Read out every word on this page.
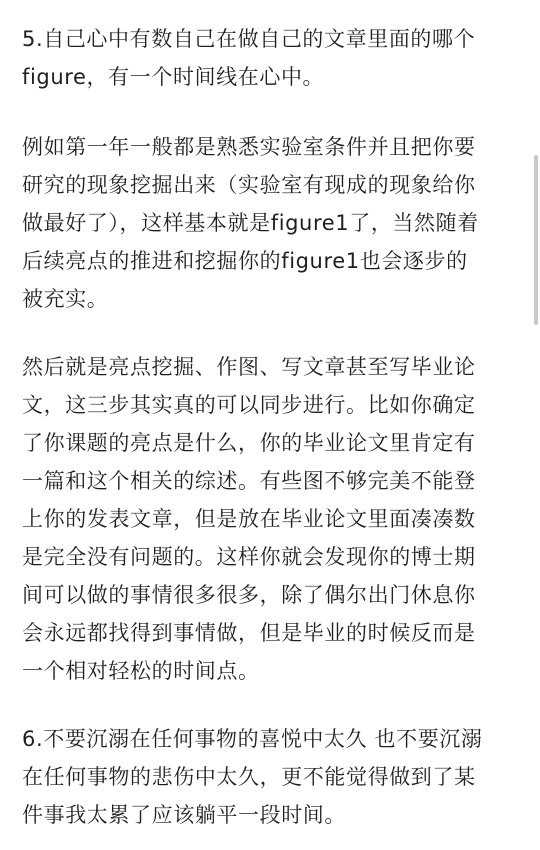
5.自己心中有数自己在做自己的文章里面的哪个
figure，有一个时间线在心中。
例如第一年一般都是熟悉实验室条件并且把你要
研究的现象挖掘出来（实验室有现成的现象给你
做最好了），这样基本就是figure1了，当然随着
后续亮点的推进和挖掘你的figure1也会逐步的
被充实。
然后就是亮点挖掘、作图、写文章甚至写毕业论
文，这三步其实真的可以同步进行。比如你确定
了你课题的亮点是什么，你的毕业论文里肯定有
一篇和这个相关的综述。有些图不够完美不能登
上你的发表文章，但是放在毕业论文里面凑凑数
是完全没有问题的。这样你就会发现你的博士期
间可以做的事情很多很多，除了偶尔出门休息你
会永远都找得到事情做，但是毕业的时候反而是
一个相对轻松的时间点。
6.不要沉溺在任何事物的喜悦中太久 也不要沉溺
在任何事物的悲伤中太久，更不能觉得做到了某
件事我太累了应该躺平一段时间。
